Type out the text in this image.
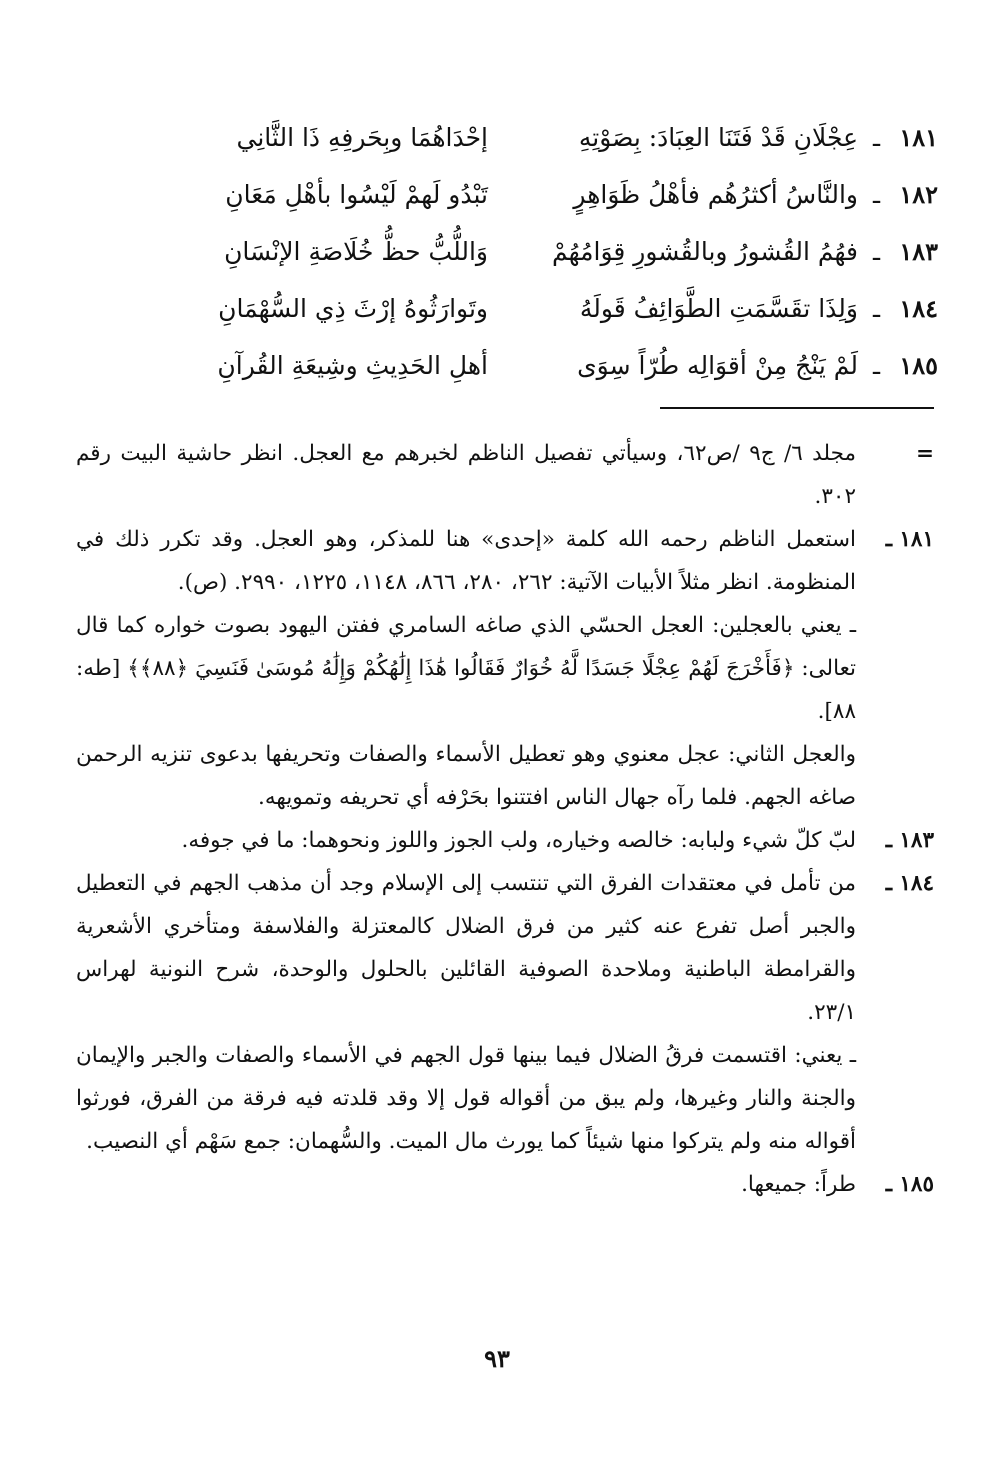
١٨١
ـ
عِجْلَانِ قَدْ فَتَنَا العِبَادَ: بِصَوْتِهِ
إحْدَاهُمَا وبِحَرفِهِ ذَا الثَّانِي
١٨٢
ـ
والنَّاسُ أكثرُهُم فأهْلُ ظَوَاهِرٍ
تَبْدُو لَهمْ لَيْسُوا بأهْلِ مَعَانِ
١٨٣
ـ
فهُمُ القُشورُ وبالقُشورِ قِوَامُهُمْ
وَاللُّبُّ حظُّ خُلَاصَةِ الإنْسَانِ
١٨٤
ـ
وَلِذَا تقَسَّمَتِ الطَّوَائِفُ قَولَهُ
وتَوارَثُوهُ إرْثَ ذِي السُّهْمَانِ
١٨٥
ـ
لَمْ يَنْجُ مِنْ أقوَالِه طُرّاً سِوَى
أهلِ الحَدِيثِ وشِيعَةِ القُرآنِ
=
مجلد ٦/ ج٩ /ص٦٢، وسيأتي تفصيل الناظم لخبرهم مع العجل. انظر حاشية البيت رقم ٣٠٢.
١٨١
ـ
استعمل الناظم رحمه الله كلمة «إحدى» هنا للمذكر، وهو العجل. وقد تكرر ذلك في المنظومة. انظر مثلاً الأبيات الآتية: ٢٦٢، ٢٨٠، ٨٦٦، ١١٤٨، ١٢٢٥، ٢٩٩٠. (ص).
ـ يعني بالعجلين: العجل الحسّي الذي صاغه السامري ففتن اليهود بصوت خواره كما قال تعالى: ﴿فَأَخْرَجَ لَهُمْ عِجْلًا جَسَدًا لَّهُ خُوَارٌ فَقَالُوا هَٰذَا إِلَٰهُكُمْ وَإِلَٰهُ مُوسَىٰ فَنَسِيَ ﴿٨٨﴾﴾ [طه: ٨٨].
والعجل الثاني: عجل معنوي وهو تعطيل الأسماء والصفات وتحريفها بدعوى تنزيه الرحمن صاغه الجهم. فلما رآه جهال الناس افتتنوا بحَرْفه أي تحريفه وتمويهه.
١٨٣
ـ
لبّ كلّ شيء ولبابه: خالصه وخياره، ولب الجوز واللوز ونحوهما: ما في جوفه.
١٨٤
ـ
من تأمل في معتقدات الفرق التي تنتسب إلى الإسلام وجد أن مذهب الجهم في التعطيل والجبر أصل تفرع عنه كثير من فرق الضلال كالمعتزلة والفلاسفة ومتأخري الأشعرية والقرامطة الباطنية وملاحدة الصوفية القائلين بالحلول والوحدة، شرح النونية لهراس ٢٣/١.
ـ يعني: اقتسمت فرقُ الضلال فيما بينها قول الجهم في الأسماء والصفات والجبر والإيمان والجنة والنار وغيرها، ولم يبق من أقواله قول إلا وقد قلدته فيه فرقة من الفرق، فورثوا أقواله منه ولم يتركوا منها شيئاً كما يورث مال الميت. والسُّهمان: جمع سَهْم أي النصيب.
١٨٥
ـ
طراً: جميعها.
٩٣
